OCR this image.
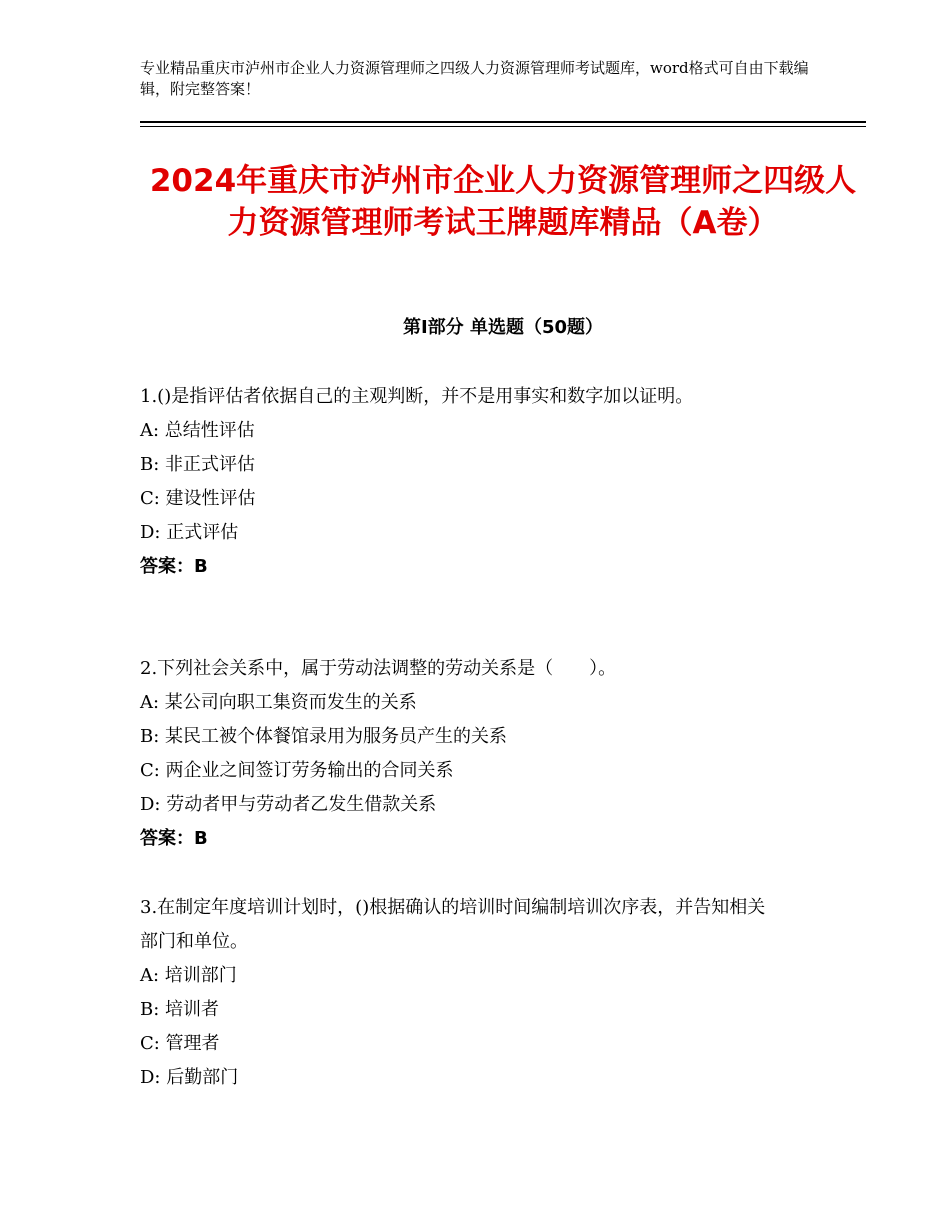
专业精品重庆市泸州市企业人力资源管理师之四级人力资源管理师考试题库，word格式可自由下载编辑，附完整答案！
2024年重庆市泸州市企业人力资源管理师之四级人力资源管理师考试王牌题库精品（A卷）
第Ⅰ部分 单选题（50题）

1.()是指评估者依据自己的主观判断，并不是用事实和数字加以证明。

A: 总结性评估

B: 非正式评估

C: 建设性评估

D: 正式评估

答案：B

2.下列社会关系中，属于劳动法调整的劳动关系是（　　）。

A: 某公司向职工集资而发生的关系

B: 某民工被个体餐馆录用为服务员产生的关系

C: 两企业之间签订劳务输出的合同关系

D: 劳动者甲与劳动者乙发生借款关系

答案：B

3.在制定年度培训计划时，()根据确认的培训时间编制培训次序表，并告知相关部门和单位。

A: 培训部门

B: 培训者

C: 管理者

D: 后勤部门
